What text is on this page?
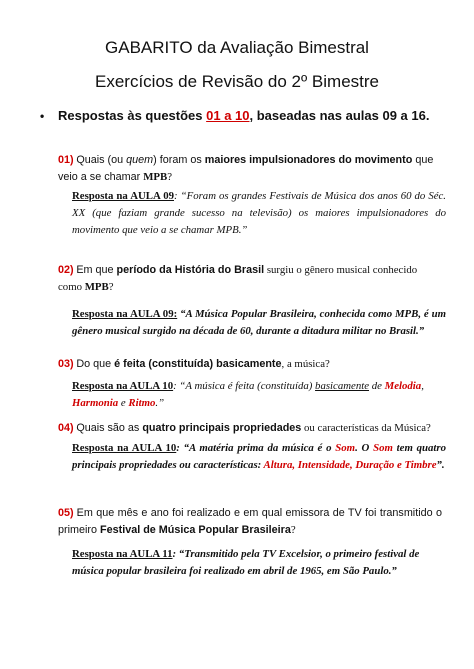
GABARITO da Avaliação Bimestral
Exercícios de Revisão do 2º Bimestre
• Respostas às questões 01 a 10, baseadas nas aulas 09 a 16.
01) Quais (ou quem) foram os maiores impulsionadores do movimento que veio a se chamar MPB?
Resposta na AULA 09: “Foram os grandes Festivais de Música dos anos 60 do Séc. XX (que faziam grande sucesso na televisão) os maiores impulsionadores do movimento que veio a se chamar MPB.”
02) Em que período da História do Brasil surgiu o gênero musical conhecido como MPB?
Resposta na AULA 09: “A Música Popular Brasileira, conhecida como MPB, é um gênero musical surgido na década de 60, durante a ditadura militar no Brasil.”
03) Do que é feita (constituída) basicamente, a música?
Resposta na AULA 10: “A música é feita (constituída) basicamente de Melodia, Harmonia e Ritmo.”
04) Quais são as quatro principais propriedades ou características da Música?
Resposta na AULA 10: “A matéria prima da música é o Som. O Som tem quatro principais propriedades ou características: Altura, Intensidade, Duração e Timbre”.
05) Em que mês e ano foi realizado e em qual emissora de TV foi transmitido o primeiro Festival de Música Popular Brasileira?
Resposta na AULA 11: “Transmitido pela TV Excelsior, o primeiro festival de música popular brasileira foi realizado em abril de 1965, em São Paulo.”
